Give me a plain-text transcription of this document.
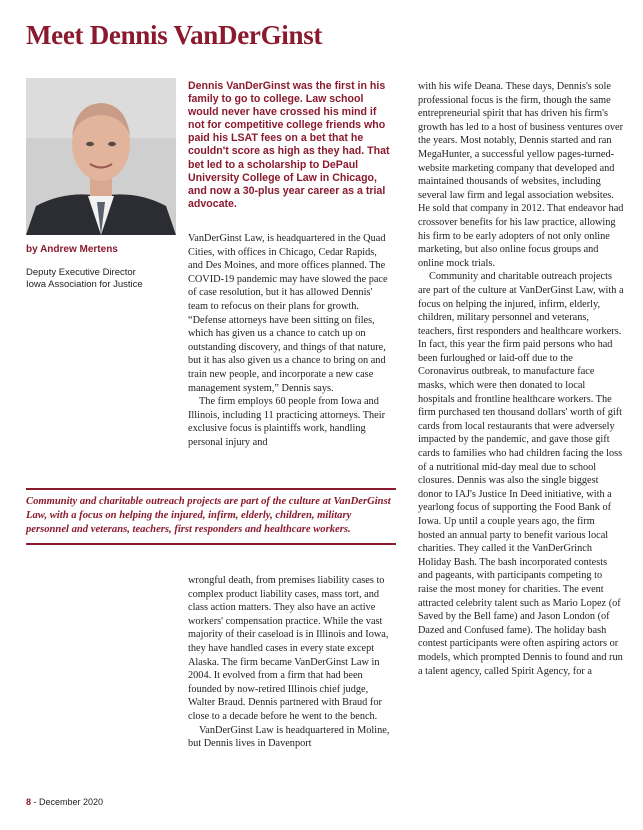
Meet Dennis VanDerGinst
by Andrew Mertens
Deputy Executive Director
Iowa Association for Justice
Dennis VanDerGinst was the first in his family to go to college. Law school would never have crossed his mind if not for competitive college friends who paid his LSAT fees on a bet that he couldn't score as high as they had. That bet led to a scholarship to DePaul University College of Law in Chicago, and now a 30-plus year career as a trial advocate.

VanDerGinst Law, is headquartered in the Quad Cities, with offices in Chicago, Cedar Rapids, and Des Moines, and more offices planned. The COVID-19 pandemic may have slowed the pace of case resolution, but it has allowed Dennis' team to refocus on their plans for growth. “Defense attorneys have been sitting on files, which has given us a chance to catch up on outstanding discovery, and things of that nature, but it has also given us a chance to bring on and train new people, and incorporate a new case management system,” Dennis says.

The firm employs 60 people from Iowa and Illinois, including 11 practicing attorneys. Their exclusive focus is plaintiffs work, handling personal injury and

Community and charitable outreach projects are part of the culture at VanDerGinst Law, with a focus on helping the injured, infirm, elderly, children, military personnel and veterans, teachers, first responders and healthcare workers.

wrongful death, from premises liability cases to complex product liability cases, mass tort, and class action matters. They also have an active workers' compensation practice. While the vast majority of their caseload is in Illinois and Iowa, they have handled cases in every state except Alaska. The firm became VanDerGinst Law in 2004. It evolved from a firm that had been founded by now-retired Illinois chief judge, Walter Braud. Dennis partnered with Braud for close to a decade before he went to the bench.

VanDerGinst Law is headquartered in Moline, but Dennis lives in Davenport

with his wife Deana. These days, Dennis's sole professional focus is the firm, though the same entrepreneurial spirit that has driven his firm's growth has led to a host of business ventures over the years. Most notably, Dennis started and ran MegaHunter, a successful yellow pages-turned-website marketing company that developed and maintained thousands of websites, including several law firm and legal association websites. He sold that company in 2012. That endeavor had crossover benefits for his law practice, allowing his firm to be early adopters of not only online marketing, but also online focus groups and online mock trials.

Community and charitable outreach projects are part of the culture at VanDerGinst Law, with a focus on helping the injured, infirm, elderly, children, military personnel and veterans, teachers, first responders and healthcare workers. In fact, this year the firm paid persons who had been furloughed or laid-off due to the Coronavirus outbreak, to manufacture face masks, which were then donated to local hospitals and frontline healthcare workers. The firm purchased ten thousand dollars' worth of gift cards from local restaurants that were adversely impacted by the pandemic, and gave those gift cards to families who had children facing the loss of a nutritional mid-day meal due to school closures. Dennis was also the single biggest donor to IAJ's Justice In Deed initiative, with a yearlong focus of supporting the Food Bank of Iowa. Up until a couple years ago, the firm hosted an annual party to benefit various local charities. They called it the VanDerGrinch Holiday Bash. The bash incorporated contests and pageants, with participants competing to raise the most money for charities. The event attracted celebrity talent such as Mario Lopez (of Saved by the Bell fame) and Jason London (of Dazed and Confused fame). The holiday bash contest participants were often aspiring actors or models, which prompted Dennis to found and run a talent agency, called Spirit Agency, for a

8 - December 2020
